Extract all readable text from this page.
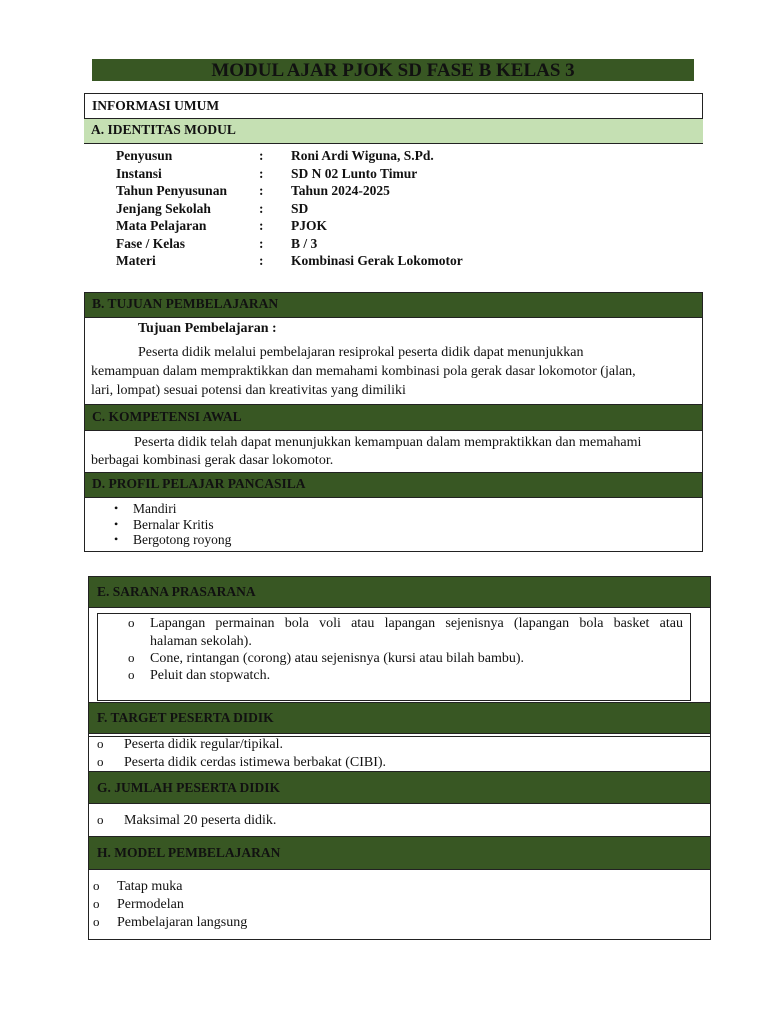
MODUL AJAR PJOK SD FASE B KELAS 3
INFORMASI UMUM
A. IDENTITAS MODUL
Penyusun	: Roni Ardi Wiguna, S.Pd.
Instansi	: SD N 02 Lunto Timur
Tahun Penyusunan : Tahun 2024-2025
Jenjang Sekolah	: SD
Mata Pelajaran	: PJOK
Fase / Kelas	: B / 3
Materi	: Kombinasi Gerak Lokomotor
B. TUJUAN PEMBELAJARAN
Tujuan Pembelajaran :
Peserta didik melalui pembelajaran resiprokal peserta didik dapat menunjukkan
kemampuan dalam mempraktikkan dan memahami kombinasi pola gerak dasar lokomotor (jalan,
lari, lompat) sesuai potensi dan kreativitas yang dimiliki
C. KOMPETENSI AWAL
Peserta didik telah dapat menunjukkan kemampuan dalam mempraktikkan dan memahami
berbagai kombinasi gerak dasar lokomotor.
D. PROFIL PELAJAR PANCASILA
• Mandiri
• Bernalar Kritis
• Bergotong royong
E. SARANA PRASARANA
o Lapangan permainan bola voli atau lapangan sejenisnya (lapangan bola basket atau
halaman sekolah).
o Cone, rintangan (corong) atau sejenisnya (kursi atau bilah bambu).
o Peluit dan stopwatch.
F. TARGET PESERTA DIDIK
o Peserta didik regular/tipikal.
o Peserta didik cerdas istimewa berbakat (CIBI).
G. JUMLAH PESERTA DIDIK
o Maksimal 20 peserta didik.
H. MODEL PEMBELAJARAN
o Tatap muka
o Permodelan
o Pembelajaran langsung
